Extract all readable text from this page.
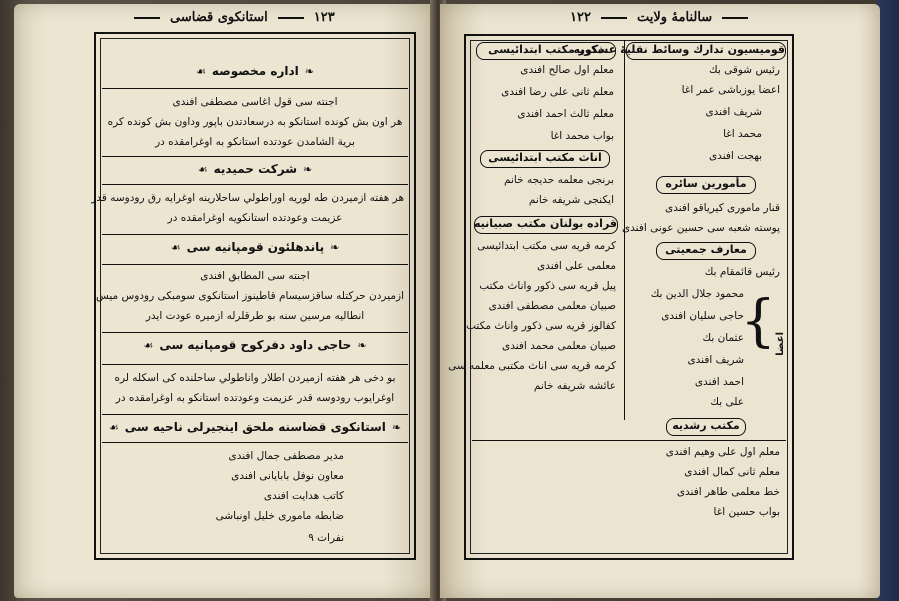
١٢٣
استانكوى قضاسى
❧اداره مخصوصه☙
اجنته سى قول اغاسى مصطفى افندى
هر اون بش كونده استانكو به درسعادتدن باپور وداون بش كونده كره
برية الشامدن عودتده استانكو به اوغرامقده در
❧شركت حميديه☙
هر هفته ازميردن طه لوريه اوراطولي ساحلارينه اوغرايه رق رودوسه قدر
عزيمت وعودتده استانكويه اوغرامقده در
❧پاندهلئون قومپانيه سى☙
اجنته سى المطابق افندى
ازميردن حركتله ساقزسيسام قاطينوز استانكوى سومبكى رودوس ميس
انطاليه مرسين سنه بو طرقلرله ازميره عودت ايدر
❧حاجى داود دفركوح قومپانيه سى☙
بو دخى هر هفته ازميردن اطلار واناطولي ساحلنده كى اسكله لره
اوغرايوب رودوسه قدر عزيمت وعودتده استانكو به اوغرامقده در
❧استانكوى قضاسنه ملحق اينجيرلى ناحيه سى☙
مدير مصطفى جمال افندى
معاون نوفل بابايانى افندى
كاتب هدايت افندى
ضابطه مامورى خليل اونباشى
نفرات ٩
سالنامهٔ ولايت
١٢٢
قوميسيون تدارك وسائط نقليهٔ عسكريه
رئيس شوقى بك
اعضا يوزباشى عمر اغا
شريف افندى
محمد اغا
بهجت افندى
مأمورين سائره
قنار مامورى كيرياقو افندى
پوسته شعبه سى حسين عونى افندى
معارف جمعيتى
رئيس قائمقام بك
محمود جلال الدين بك
حاجى سليان افندى
عثمان بك
شريف افندى
احمد افندى
على بك
{ اعضا
مكتب رشديه
معلم اول على وهيم افندى
معلم ثانى كمال افندى
خط معلمى طاهر افندى
بواب حسين اغا
ذكور مكتب ابتدائيسى
معلم اول صالح افندى
معلم ثانى على رضا افندى
معلم ثالث احمد افندى
بواب محمد اغا
اناث مكتب ابتدائيسى
برنجى معلمه حديجه خانم
ايكنجى شريفه خانم
قراده بولنان مكتب صبيانيه
كرمه قريه سى مكتب ابتدائيسى
معلمى على افندى
پيل قريه سى ذكور واناث مكتب
صبيان معلمى مصطفى افندى
كفالوز قريه سى ذكور واناث مكتب
صبيان معلمى محمد افندى
كرمه قريه سى اناث مكتبى معلمه سى
عائشه شريفه خانم
